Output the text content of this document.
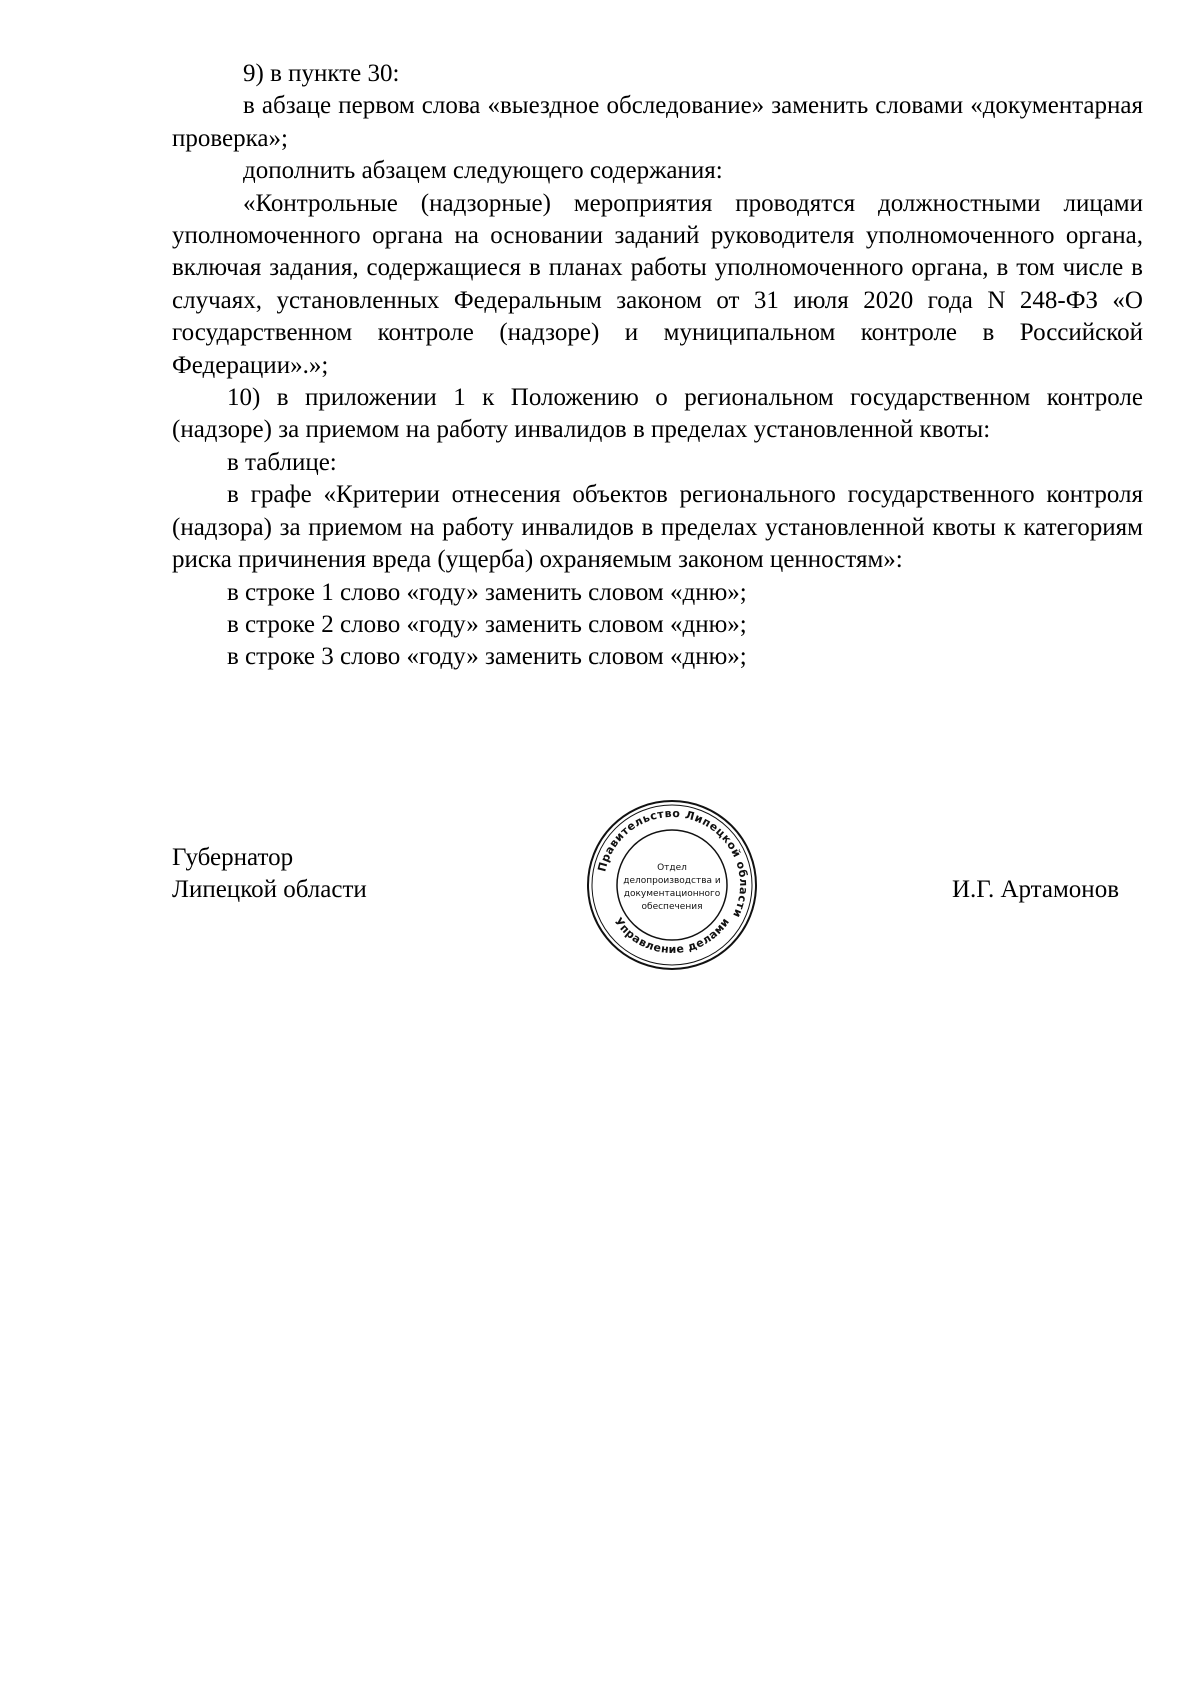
9) в пункте 30:

в абзаце первом слова «выездное обследование» заменить словами «документарная проверка»;

дополнить абзацем следующего содержания:

«Контрольные (надзорные) мероприятия проводятся должностными лицами уполномоченного органа на основании заданий руководителя уполномоченного органа, включая задания, содержащиеся в планах работы уполномоченного органа, в том числе в случаях, установленных Федеральным законом от 31 июля 2020 года N 248-ФЗ «О государственном контроле (надзоре) и муниципальном контроле в Российской Федерации».»;

10) в приложении 1 к Положению о региональном государственном контроле (надзоре) за приемом на работу инвалидов в пределах установленной квоты:

в таблице:

в графе «Критерии отнесения объектов регионального государственного контроля (надзора) за приемом на работу инвалидов в пределах установленной квоты к категориям риска причинения вреда (ущерба) охраняемым законом ценностям»:

в строке 1 слово «году» заменить словом «дню»;

в строке 2 слово «году» заменить словом «дню»;

в строке 3 слово «году» заменить словом «дню»;

Губернатор
Липецкой области
Правительство Липецкой области
Управление делами
Отдел
делопроизводства и
документационного
обеспечения
И.Г. Артамонов
